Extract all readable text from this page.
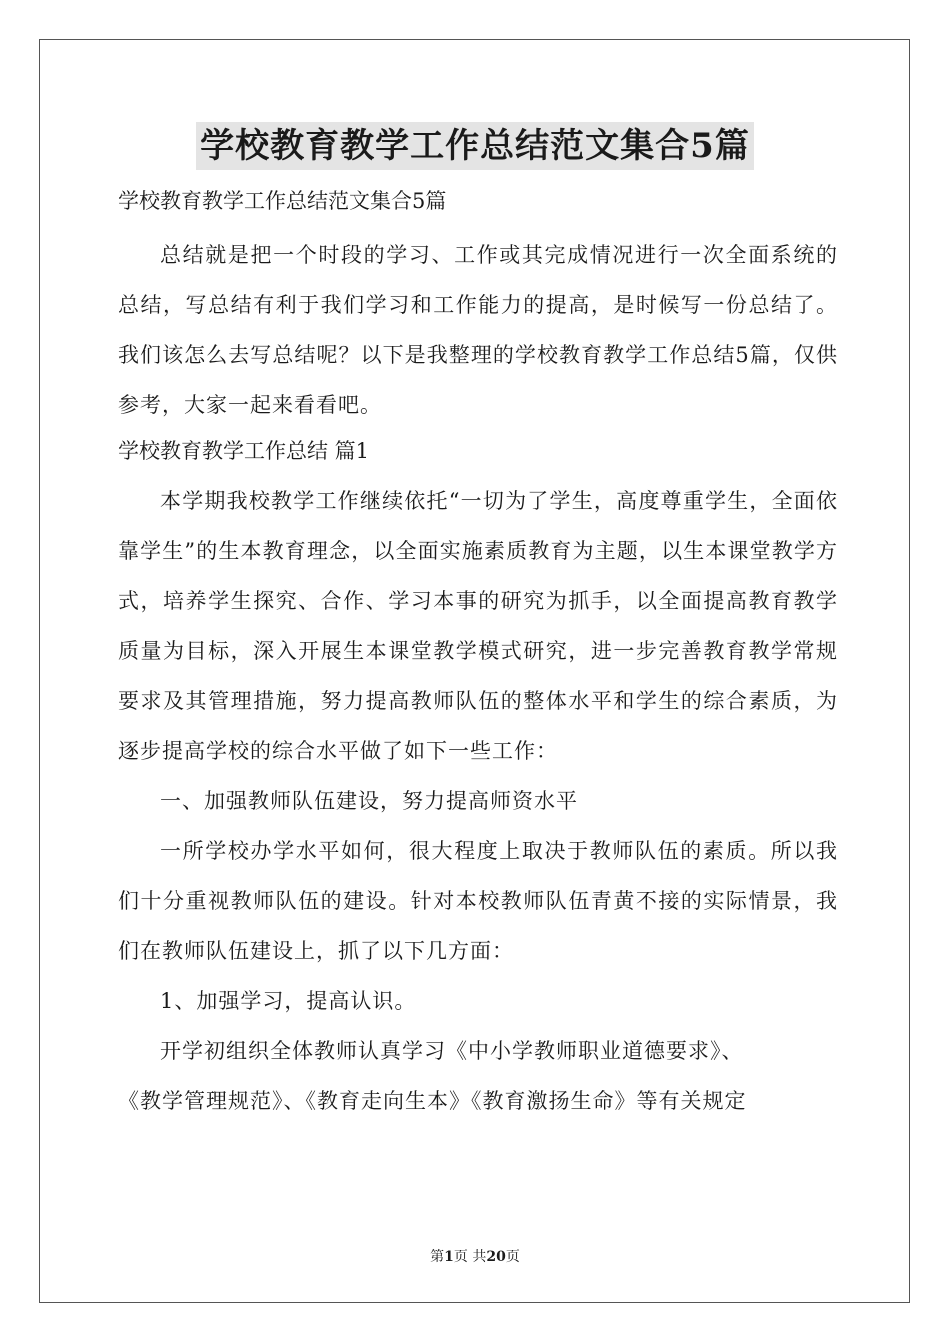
学校教育教学工作总结范文集合5篇

学校教育教学工作总结范文集合5篇

总结就是把一个时段的学习、工作或其完成情况进行一次全面系统的总结，写总结有利于我们学习和工作能力的提高，是时候写一份总结了。我们该怎么去写总结呢？以下是我整理的学校教育教学工作总结5篇，仅供参考，大家一起来看看吧。

学校教育教学工作总结 篇1

本学期我校教学工作继续依托“一切为了学生，高度尊重学生，全面依靠学生”的生本教育理念，以全面实施素质教育为主题，以生本课堂教学方式，培养学生探究、合作、学习本事的研究为抓手，以全面提高教育教学质量为目标，深入开展生本课堂教学模式研究，进一步完善教育教学常规要求及其管理措施，努力提高教师队伍的整体水平和学生的综合素质，为逐步提高学校的综合水平做了如下一些工作：

一、加强教师队伍建设，努力提高师资水平

一所学校办学水平如何，很大程度上取决于教师队伍的素质。所以我们十分重视教师队伍的建设。针对本校教师队伍青黄不接的实际情景，我们在教师队伍建设上，抓了以下几方面：

1、加强学习，提高认识。

开学初组织全体教师认真学习《中小学教师职业道德要求》、

《教学管理规范》、《教育走向生本》《教育激扬生命》等有关规定

第1页 共20页
